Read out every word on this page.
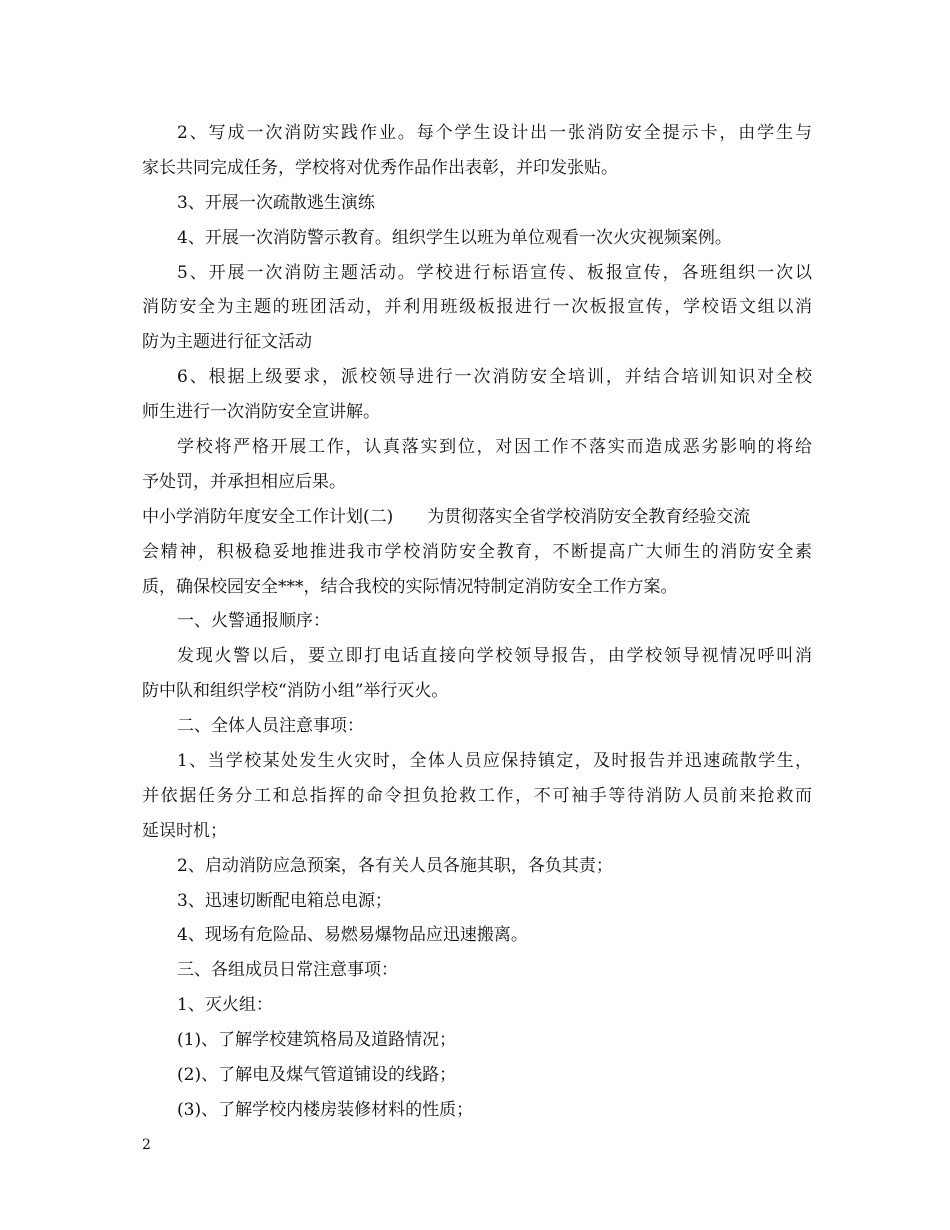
2、写成一次消防实践作业。每个学生设计出一张消防安全提示卡，由学生与
家长共同完成任务，学校将对优秀作品作出表彰，并印发张贴。
3、开展一次疏散逃生演练
4、开展一次消防警示教育。组织学生以班为单位观看一次火灾视频案例。
5、开展一次消防主题活动。学校进行标语宣传、板报宣传，各班组织一次以
消防安全为主题的班团活动，并利用班级板报进行一次板报宣传，学校语文组以消
防为主题进行征文活动
6、根据上级要求，派校领导进行一次消防安全培训，并结合培训知识对全校
师生进行一次消防安全宣讲解。
学校将严格开展工作，认真落实到位，对因工作不落实而造成恶劣影响的将给
予处罚，并承担相应后果。
中小学消防年度安全工作计划(二) 为贯彻落实全省学校消防安全教育经验交流
会精神，积极稳妥地推进我市学校消防安全教育，不断提高广大师生的消防安全素
质，确保校园安全***，结合我校的实际情况特制定消防安全工作方案。
一、火警通报顺序：
发现火警以后，要立即打电话直接向学校领导报告，由学校领导视情况呼叫消
防中队和组织学校“消防小组”举行灭火。
二、全体人员注意事项：
1、当学校某处发生火灾时，全体人员应保持镇定，及时报告并迅速疏散学生，
并依据任务分工和总指挥的命令担负抢救工作，不可袖手等待消防人员前来抢救而
延误时机；
2、启动消防应急预案，各有关人员各施其职，各负其责；
3、迅速切断配电箱总电源；
4、现场有危险品、易燃易爆物品应迅速搬离。
三、各组成员日常注意事项：
1、灭火组：
(1)、了解学校建筑格局及道路情况；
(2)、了解电及煤气管道铺设的线路；
(3)、了解学校内楼房装修材料的性质；
2
